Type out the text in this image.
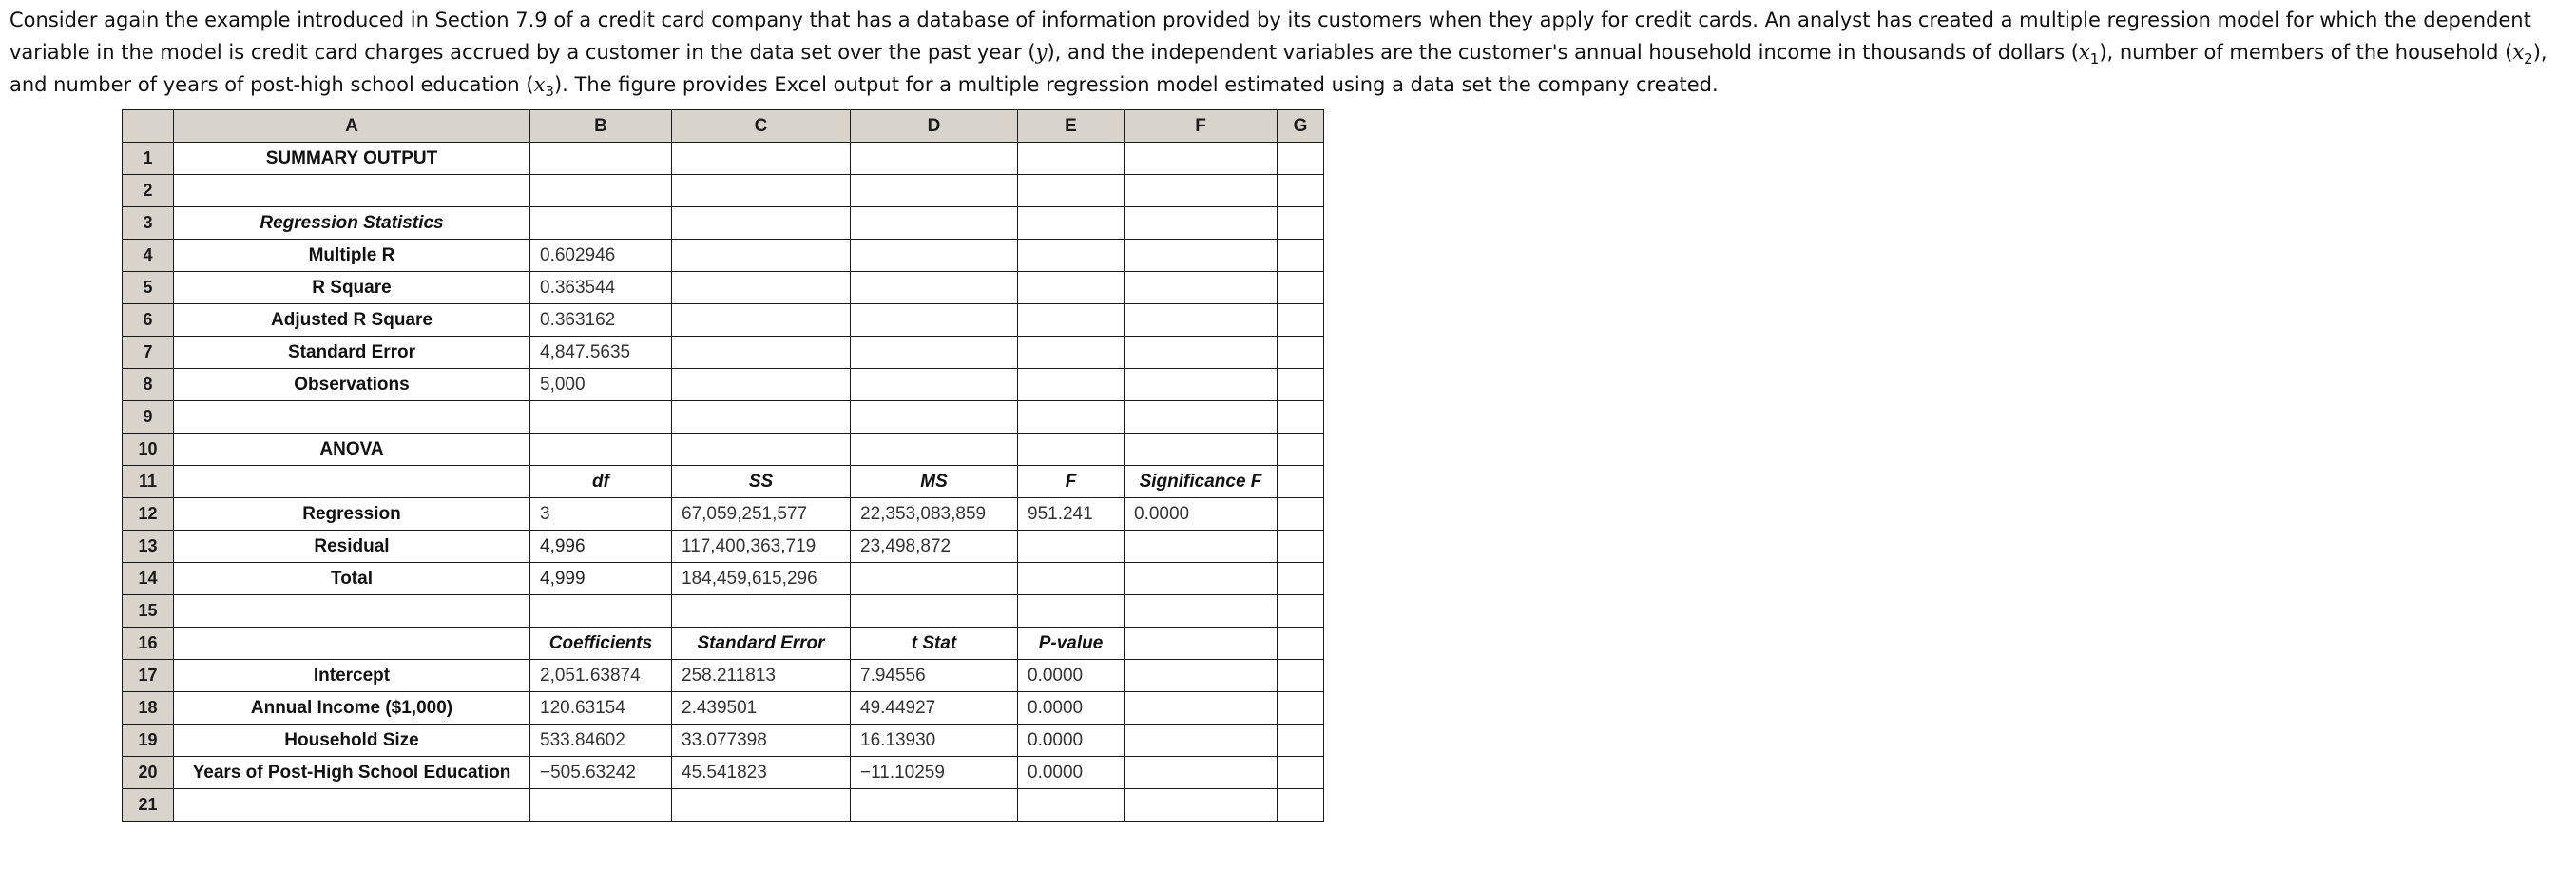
Consider again the example introduced in Section 7.9 of a credit card company that has a database of information provided by its customers when they apply for credit cards. An analyst has created a multiple regression model for which the dependent variable in the model is credit card charges accrued by a customer in the data set over the past year (y), and the independent variables are the customer's annual household income in thousands of dollars $(x_1)$, number of members of the household $(x_2)$, and number of years of post-high school education $(x_3)$. The figure provides Excel output for a multiple regression model estimated using a data set the company created.
	A	B	C	D	E	F	G
1	SUMMARY OUTPUT						
2							
3	Regression Statistics						
4	Multiple R	0.602946					
5	R Square	0.363544					
6	Adjusted R Square	0.363162					
7	Standard Error	4,847.5635					
8	Observations	5,000					
9							
10	ANOVA						
11		df	SS	MS	F	Significance F	
12	Regression	3	67,059,251,577	22,353,083,859	951.241	0.0000	
13	Residual	4,996	117,400,363,719	23,498,872			
14	Total	4,999	184,459,615,296				
15							
16		Coefficients	Standard Error	t Stat	P-value		
17	Intercept	2,051.63874	258.211813	7.94556	0.0000		
18	Annual Income ($1,000)	120.63154	2.439501	49.44927	0.0000		
19	Household Size	533.84602	33.077398	16.13930	0.0000		
20	Years of Post-High School Education	−505.63242	45.541823	−11.10259	0.0000		
21							
